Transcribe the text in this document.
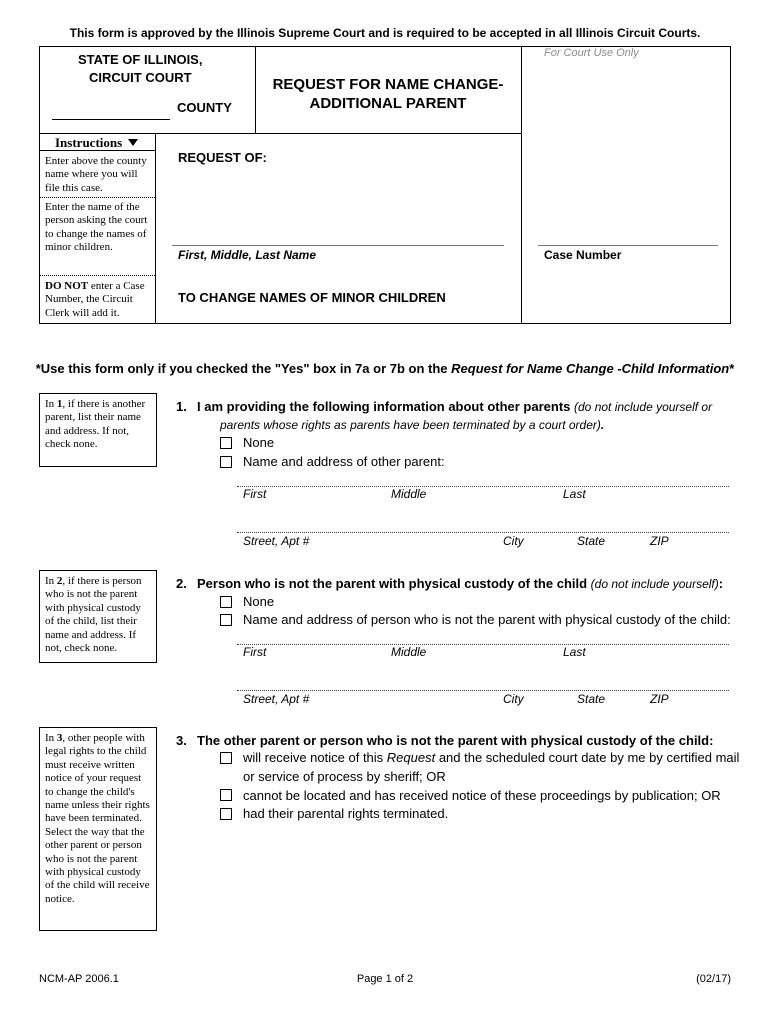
This form is approved by the Illinois Supreme Court and is required to be accepted in all Illinois Circuit Courts.
STATE OF ILLINOIS,
CIRCUIT COURT
COUNTY
REQUEST FOR NAME CHANGE-
ADDITIONAL PARENT
For Court Use Only
Instructions
Enter above the county name where you will file this case.
Enter the name of the person asking the court to change the names of minor children.
DO NOT enter a Case Number, the Circuit Clerk will add it.
REQUEST OF:
First, Middle, Last Name	Case Number
TO CHANGE NAMES OF MINOR CHILDREN
*Use this form only if you checked the "Yes" box in 7a or 7b on the Request for Name Change -Child Information*
In 1, if there is another parent, list their name and address. If not, check none.
In 2, if there is person who is not the parent with physical custody of the child, list their name and address. If not, check none.
In 3, other people with legal rights to the child must receive written notice of your request to change the child's name unless their rights have been terminated. Select the way that the other parent or person who is not the parent with physical custody of the child will receive notice.
1. I am providing the following information about other parents (do not include yourself or
parents whose rights as parents have been terminated by a court order).
None
Name and address of other parent:
First	Middle	Last
Street, Apt #	City	State	ZIP
2. Person who is not the parent with physical custody of the child (do not include yourself):
None
Name and address of person who is not the parent with physical custody of the child:
First	Middle	Last
Street, Apt #	City	State	ZIP
3. The other parent or person who is not the parent with physical custody of the child:
will receive notice of this Request and the scheduled court date by me by certified mail
or service of process by sheriff; OR
cannot be located and has received notice of these proceedings by publication; OR
had their parental rights terminated.
NCM-AP 2006.1	Page 1 of 2	(02/17)
